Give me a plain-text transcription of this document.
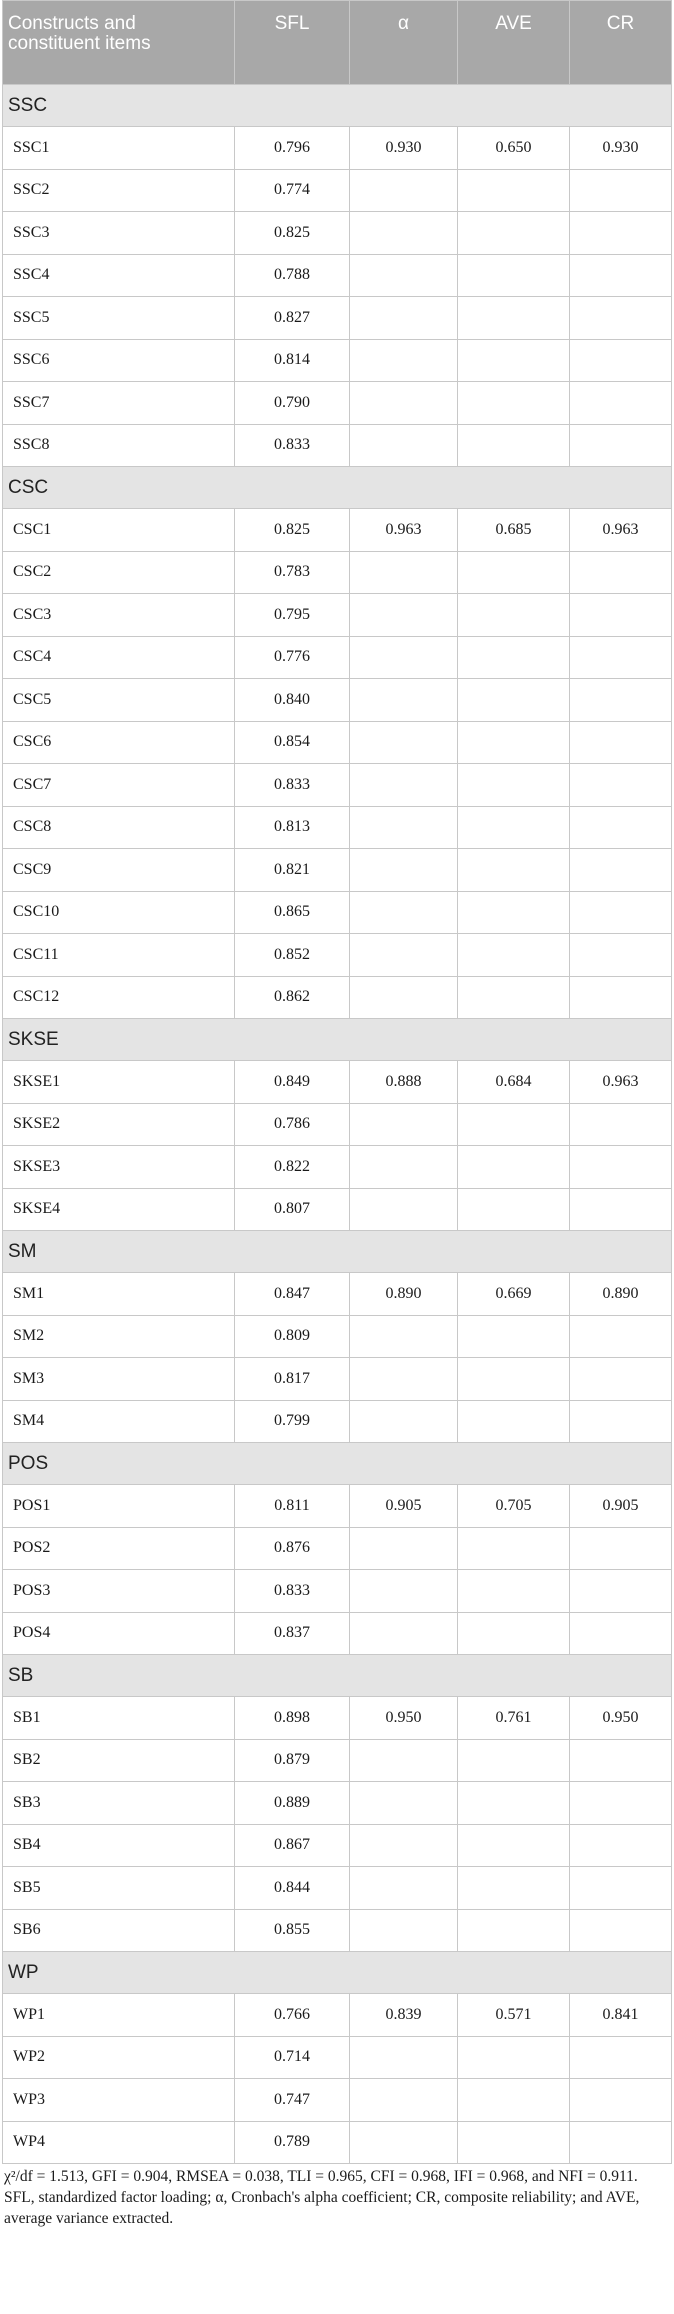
Constructs and constituent items	SFL	α	AVE	CR
SSC				
SSC1	0.796	0.930	0.650	0.930
SSC2	0.774			
SSC3	0.825			
SSC4	0.788			
SSC5	0.827			
SSC6	0.814			
SSC7	0.790			
SSC8	0.833			
CSC				
CSC1	0.825	0.963	0.685	0.963
CSC2	0.783			
CSC3	0.795			
CSC4	0.776			
CSC5	0.840			
CSC6	0.854			
CSC7	0.833			
CSC8	0.813			
CSC9	0.821			
CSC10	0.865			
CSC11	0.852			
CSC12	0.862			
SKSE				
SKSE1	0.849	0.888	0.684	0.963
SKSE2	0.786			
SKSE3	0.822			
SKSE4	0.807			
SM				
SM1	0.847	0.890	0.669	0.890
SM2	0.809			
SM3	0.817			
SM4	0.799			
POS				
POS1	0.811	0.905	0.705	0.905
POS2	0.876			
POS3	0.833			
POS4	0.837			
SB				
SB1	0.898	0.950	0.761	0.950
SB2	0.879			
SB3	0.889			
SB4	0.867			
SB5	0.844			
SB6	0.855			
WP				
WP1	0.766	0.839	0.571	0.841
WP2	0.714			
WP3	0.747			
WP4	0.789			

χ²/df = 1.513, GFI = 0.904, RMSEA = 0.038, TLI = 0.965, CFI = 0.968, IFI = 0.968, and NFI = 0.911.

SFL, standardized factor loading; α, Cronbach's alpha coefficient; CR, composite reliability; and AVE, average variance extracted.
